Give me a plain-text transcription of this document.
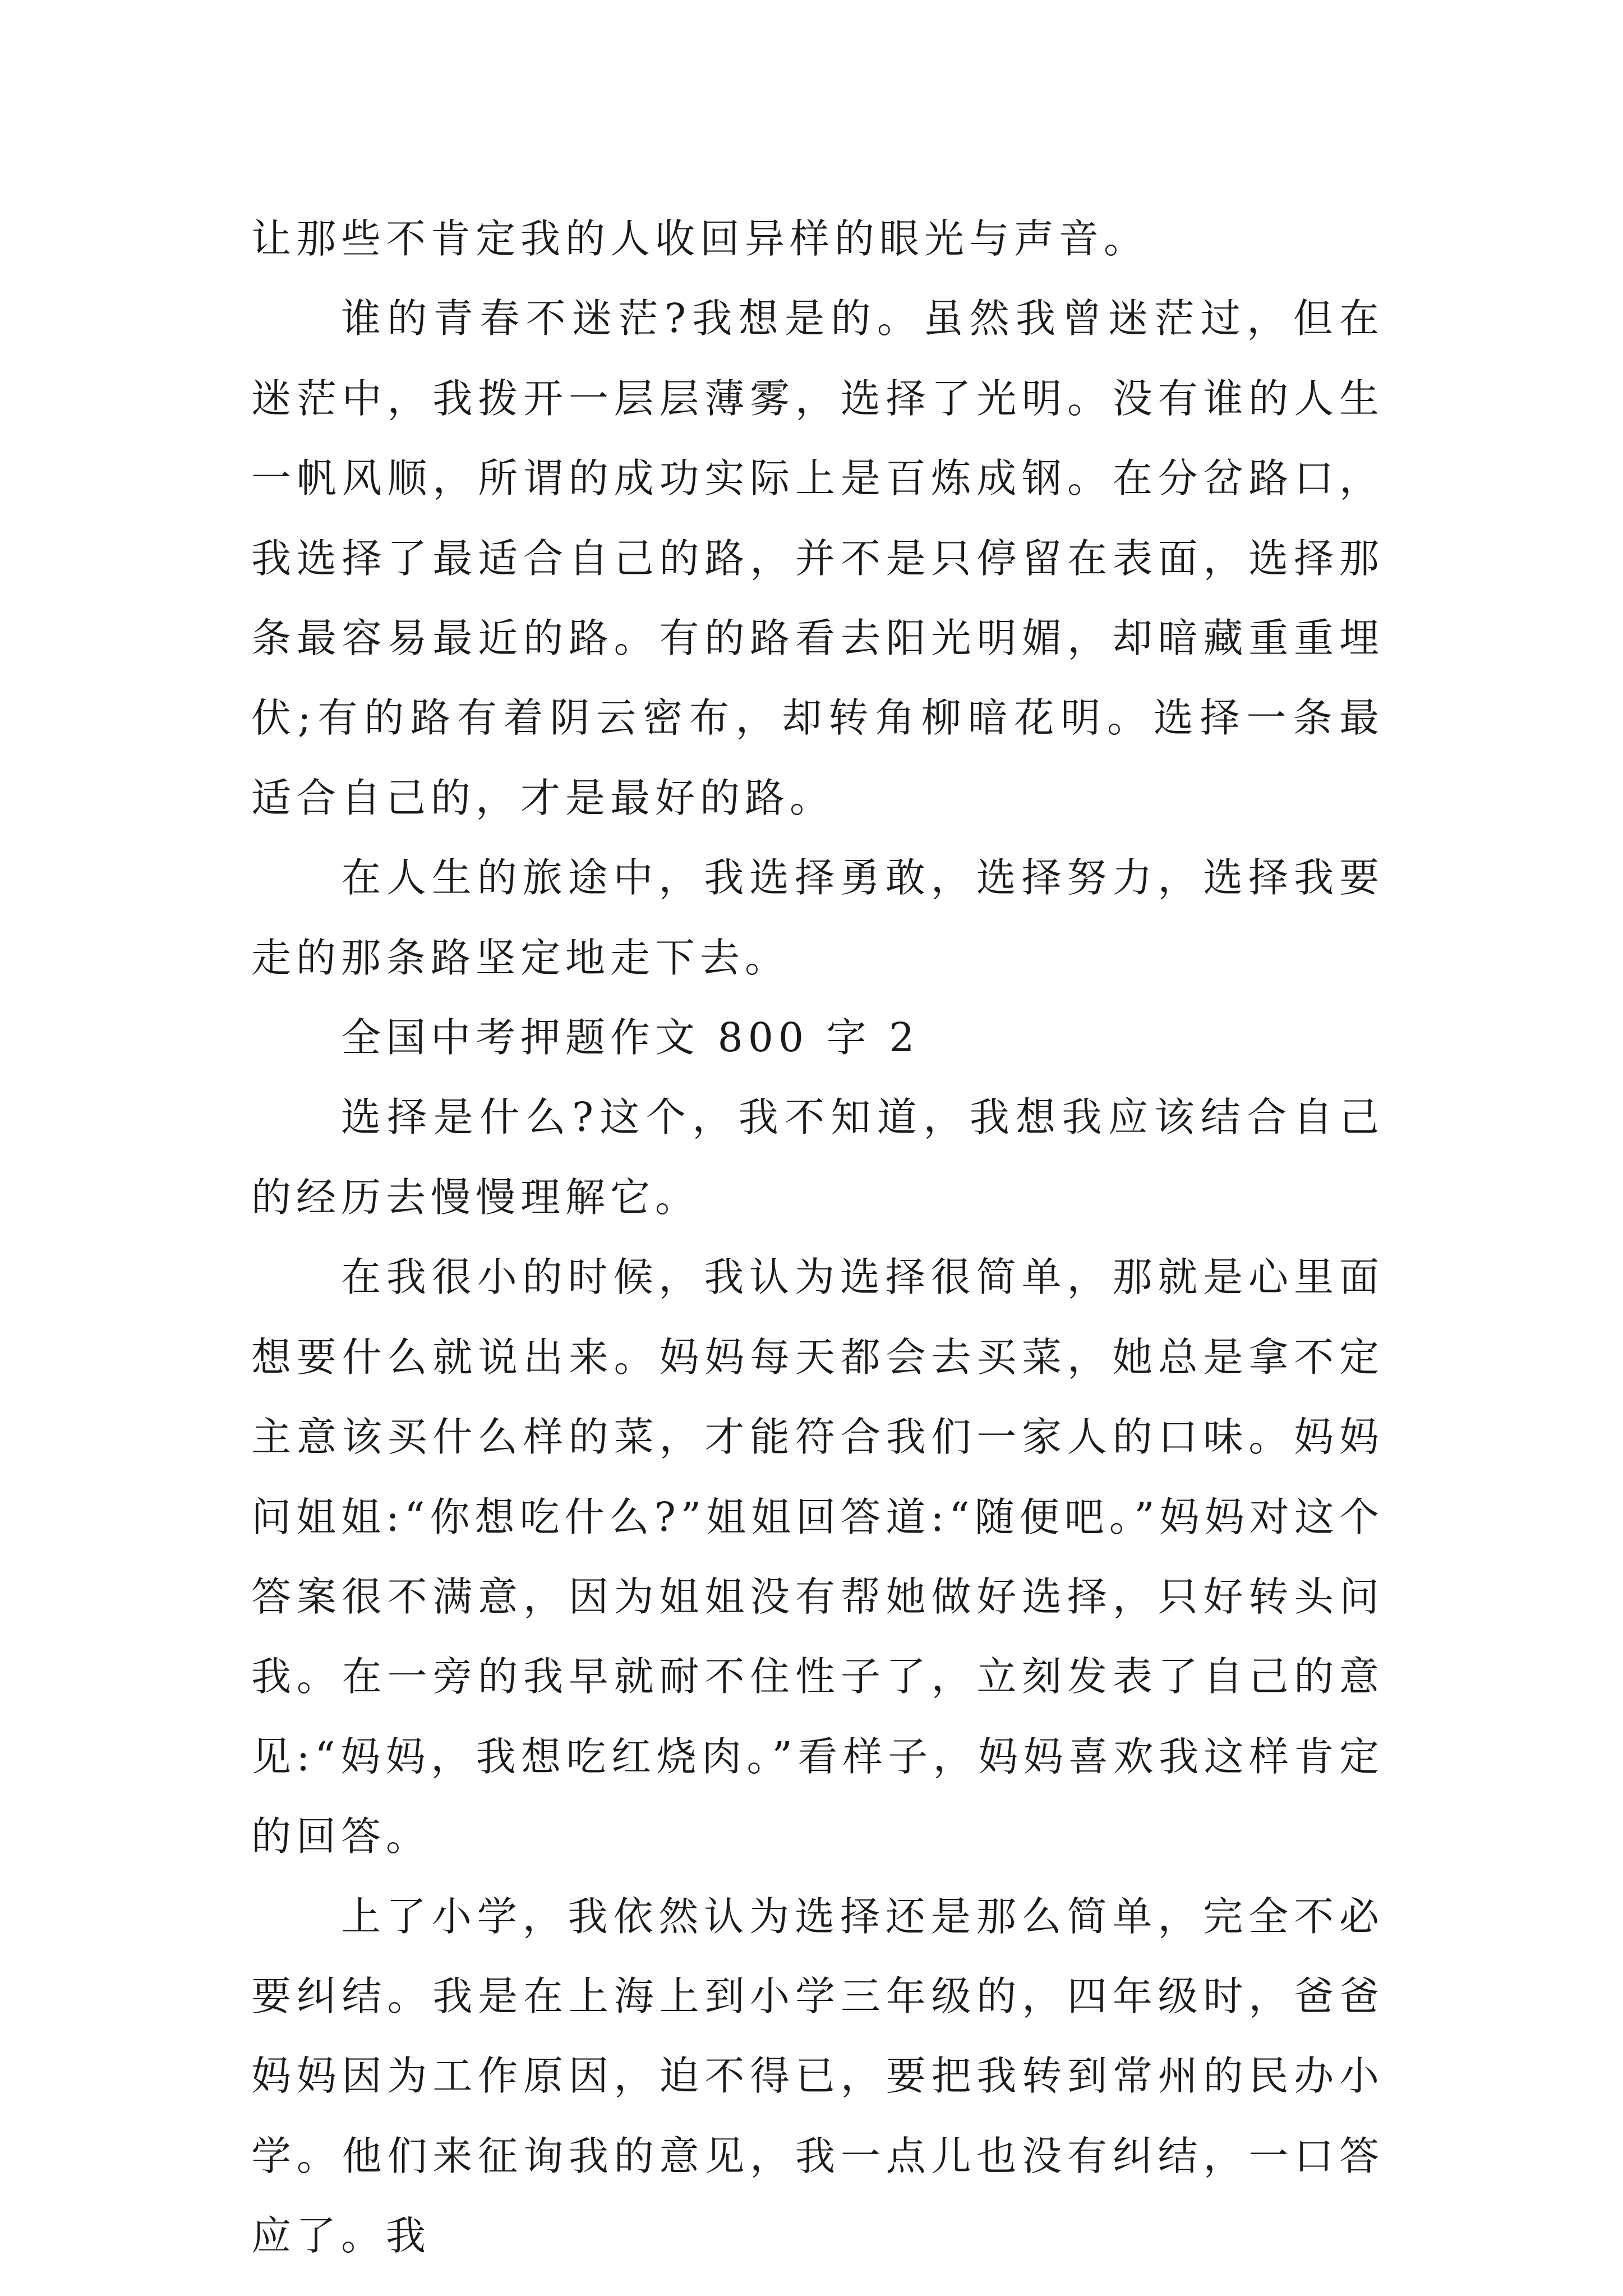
让那些不肯定我的人收回异样的眼光与声音。

谁的青春不迷茫?我想是的。虽然我曾迷茫过，但在迷茫中，我拨开一层层薄雾，选择了光明。没有谁的人生一帆风顺，所谓的成功实际上是百炼成钢。在分岔路口，我选择了最适合自己的路，并不是只停留在表面，选择那条最容易最近的路。有的路看去阳光明媚，却暗藏重重埋伏;有的路有着阴云密布，却转角柳暗花明。选择一条最适合自己的，才是最好的路。

在人生的旅途中，我选择勇敢，选择努力，选择我要走的那条路坚定地走下去。

全国中考押题作文 800 字 2

选择是什么?这个，我不知道，我想我应该结合自己的经历去慢慢理解它。

在我很小的时候，我认为选择很简单，那就是心里面想要什么就说出来。妈妈每天都会去买菜，她总是拿不定主意该买什么样的菜，才能符合我们一家人的口味。妈妈问姐姐:“你想吃什么?”姐姐回答道:“随便吧。”妈妈对这个答案很不满意，因为姐姐没有帮她做好选择，只好转头问我。在一旁的我早就耐不住性子了，立刻发表了自己的意见:“妈妈，我想吃红烧肉。”看样子，妈妈喜欢我这样肯定的回答。

上了小学，我依然认为选择还是那么简单，完全不必要纠结。我是在上海上到小学三年级的，四年级时，爸爸妈妈因为工作原因，迫不得已，要把我转到常州的民办小学。他们来征询我的意见，我一点儿也没有纠结，一口答应了。我
